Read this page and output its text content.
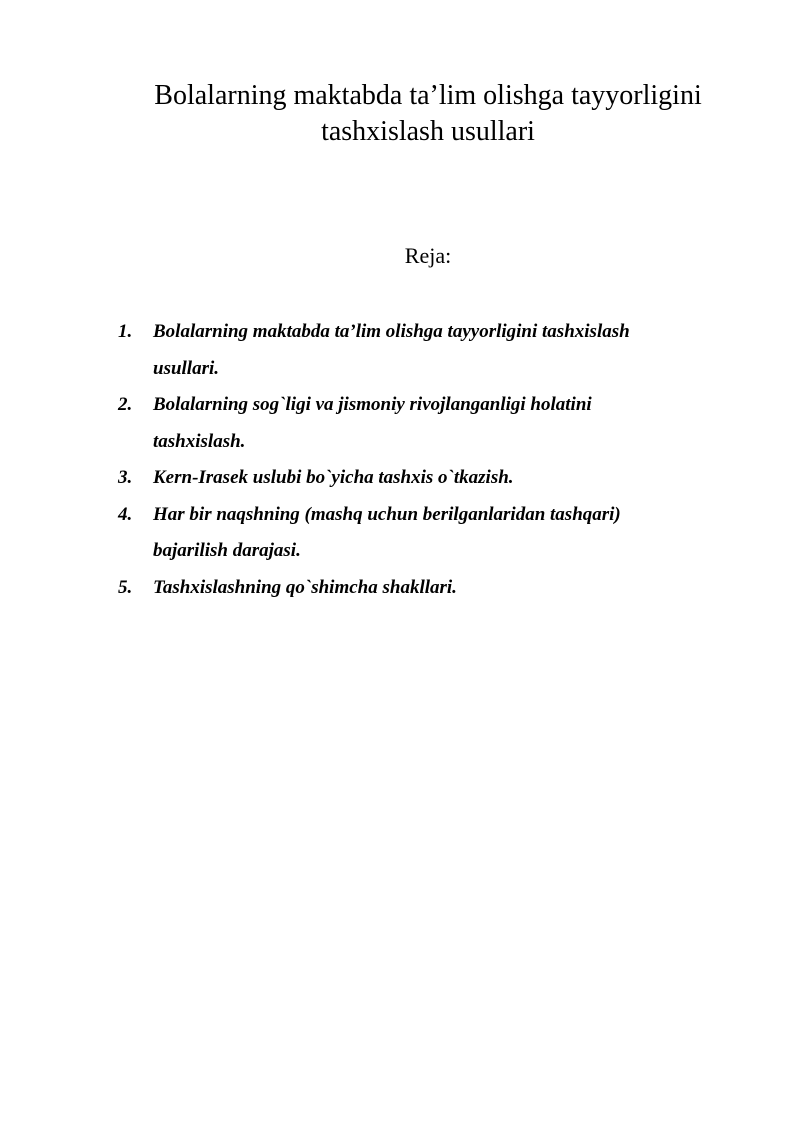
Bolalarning maktabda ta’lim olishga tayyorligini
tashxislash usullari

Reja:

1.	Bolalarning maktabda ta’lim olishga tayyorligini tashxislash
usullari.
2.	Bolalarning sog`ligi va jismoniy rivojlanganligi holatini
tashxislash.
3.	Kern-Irasek uslubi bo`yicha tashxis o`tkazish.
4.	Har bir naqshning (mashq uchun berilganlaridan tashqari)
bajarilish darajasi.
5.	Tashxislashning qo`shimcha shakllari.
